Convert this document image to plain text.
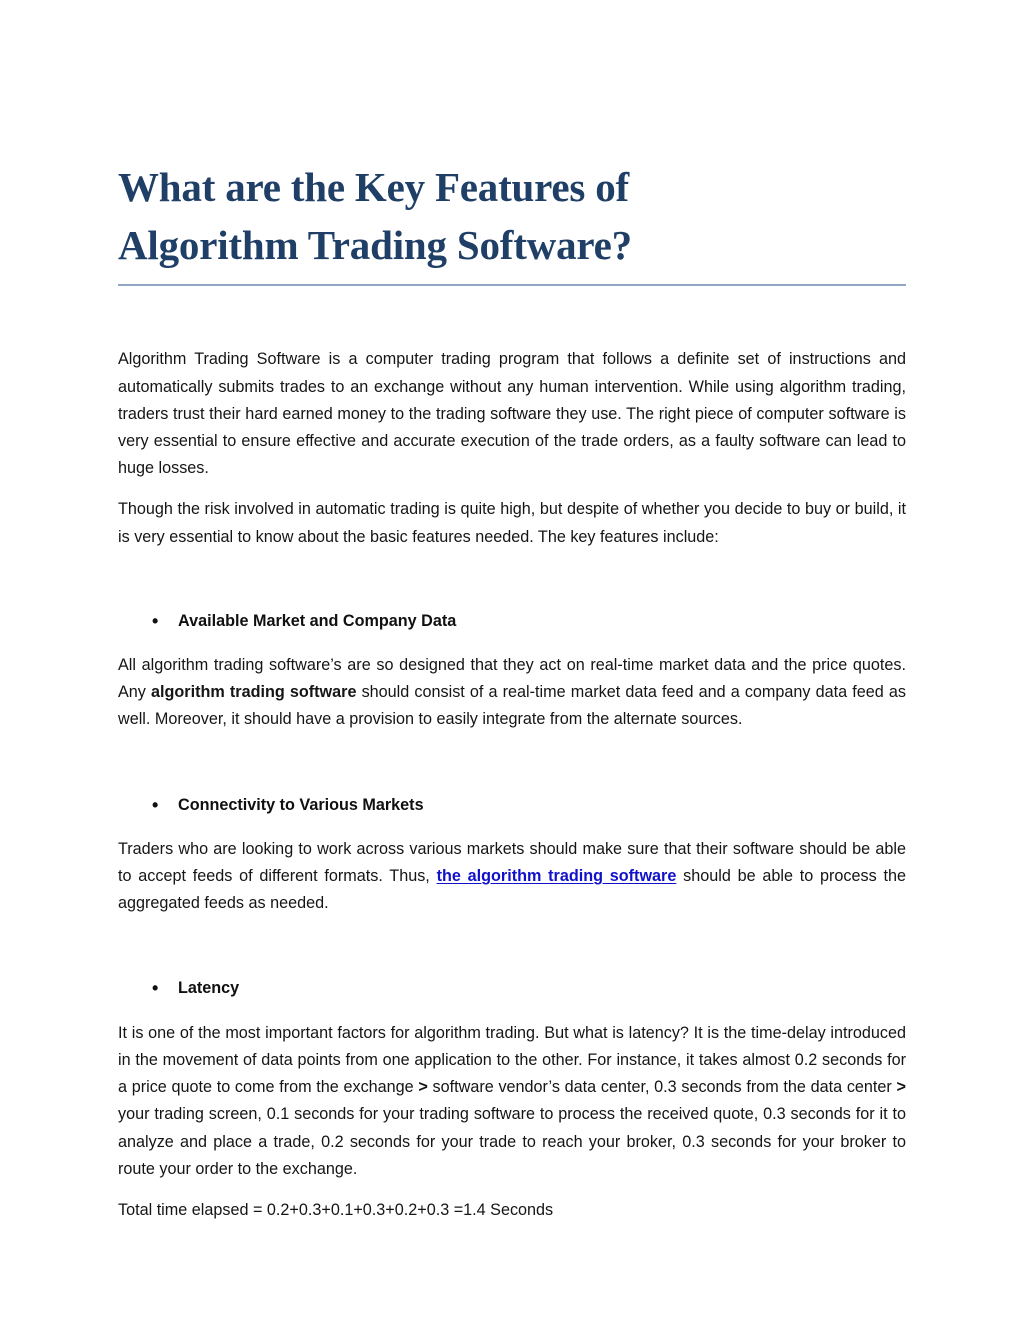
What are the Key Features of
Algorithm Trading Software?

Algorithm Trading Software is a computer trading program that follows a definite set of instructions and automatically submits trades to an exchange without any human intervention. While using algorithm trading, traders trust their hard earned money to the trading software they use. The right piece of computer software is very essential to ensure effective and accurate execution of the trade orders, as a faulty software can lead to huge losses.

Though the risk involved in automatic trading is quite high, but despite of whether you decide to buy or build, it is very essential to know about the basic features needed. The key features include:

• Available Market and Company Data

All algorithm trading software’s are so designed that they act on real-time market data and the price quotes. Any algorithm trading software should consist of a real-time market data feed and a company data feed as well. Moreover, it should have a provision to easily integrate from the alternate sources.

• Connectivity to Various Markets

Traders who are looking to work across various markets should make sure that their software should be able to accept feeds of different formats. Thus, the algorithm trading software should be able to process the aggregated feeds as needed.

• Latency

It is one of the most important factors for algorithm trading. But what is latency? It is the time-delay introduced in the movement of data points from one application to the other. For instance, it takes almost 0.2 seconds for a price quote to come from the exchange > software vendor’s data center, 0.3 seconds from the data center > your trading screen, 0.1 seconds for your trading software to process the received quote, 0.3 seconds for it to analyze and place a trade, 0.2 seconds for your trade to reach your broker, 0.3 seconds for your broker to route your order to the exchange.

Total time elapsed = 0.2+0.3+0.1+0.3+0.2+0.3 =1.4 Seconds
